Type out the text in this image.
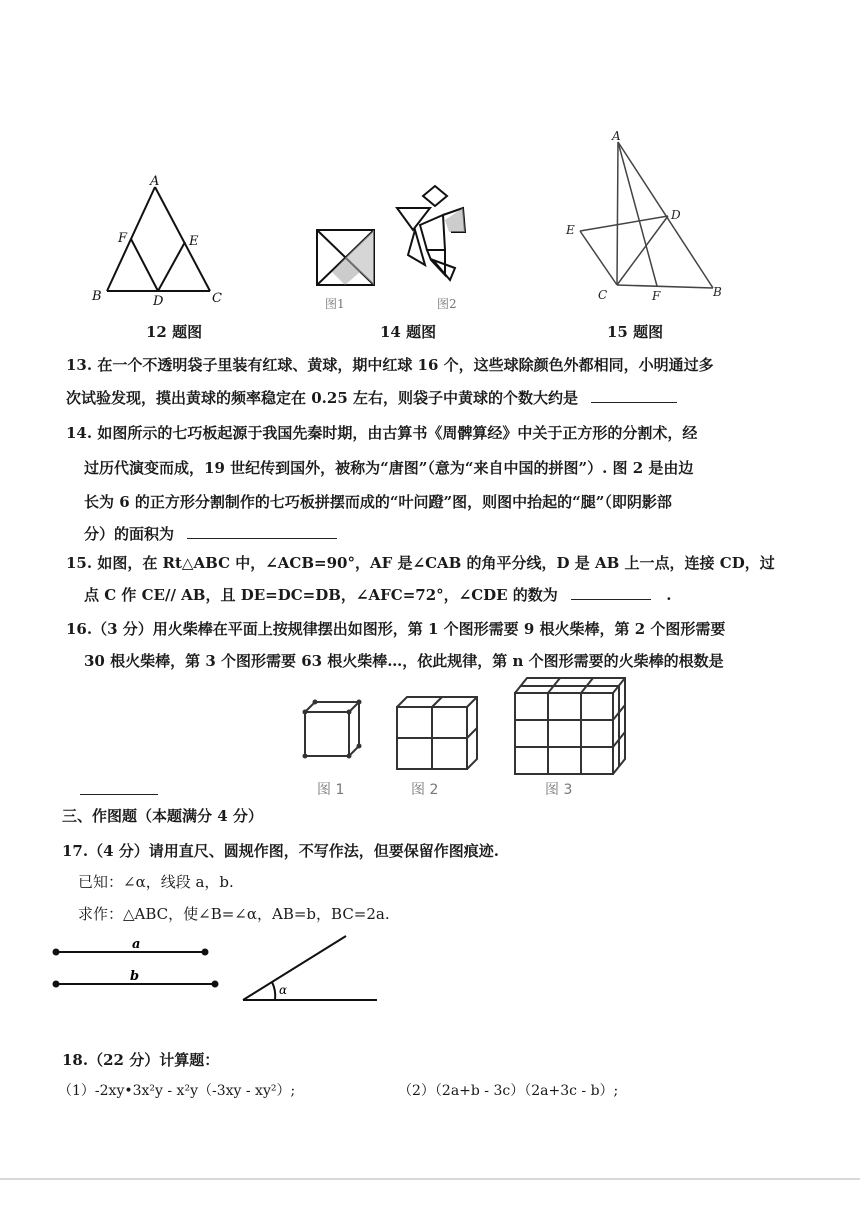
A
F	E
B	D	C
12 题图
图1	图2
14 题图
A
D
E
C	F	B
15 题图
13. 在一个不透明袋子里装有红球、黄球，期中红球 16 个，这些球除颜色外都相同，小明通过多
次试验发现，摸出黄球的频率稳定在 0.25 左右，则袋子中黄球的个数大约是
14. 如图所示的七巧板起源于我国先秦时期，由古算书《周髀算经》中关于正方形的分割术，经
过历代演变而成，19 世纪传到国外，被称为“唐图”（意为“来自中国的拼图”）. 图 2 是由边
长为 6 的正方形分割制作的七巧板拼摆而成的“叶问蹬”图，则图中抬起的“腿”（即阴影部
分）的面积为
15. 如图，在 Rt△ABC 中，∠ACB=90°，AF 是∠CAB 的角平分线，D 是 AB 上一点，连接 CD，过
点 C 作 CE// AB，且 DE=DC=DB，∠AFC=72°，∠CDE 的数为	.
16.（3 分）用火柴棒在平面上按规律摆出如图形，第 1 个图形需要 9 根火柴棒，第 2 个图形需要
30 根火柴棒，第 3 个图形需要 63 根火柴棒…，依此规律，第 n 个图形需要的火柴棒的根数是
图 1	图 2	图 3
三、作图题（本题满分 4 分）
17.（4 分）请用直尺、圆规作图，不写作法，但要保留作图痕迹.
已知：∠α，线段 a，b.
求作：△ABC，使∠B=∠α，AB=b，BC=2a.
a
b
α
18.（22 分）计算题：
（1）-2xy•3x²y - x²y（-3xy - xy²）;	（2）（2a+b - 3c）（2a+3c - b）;
